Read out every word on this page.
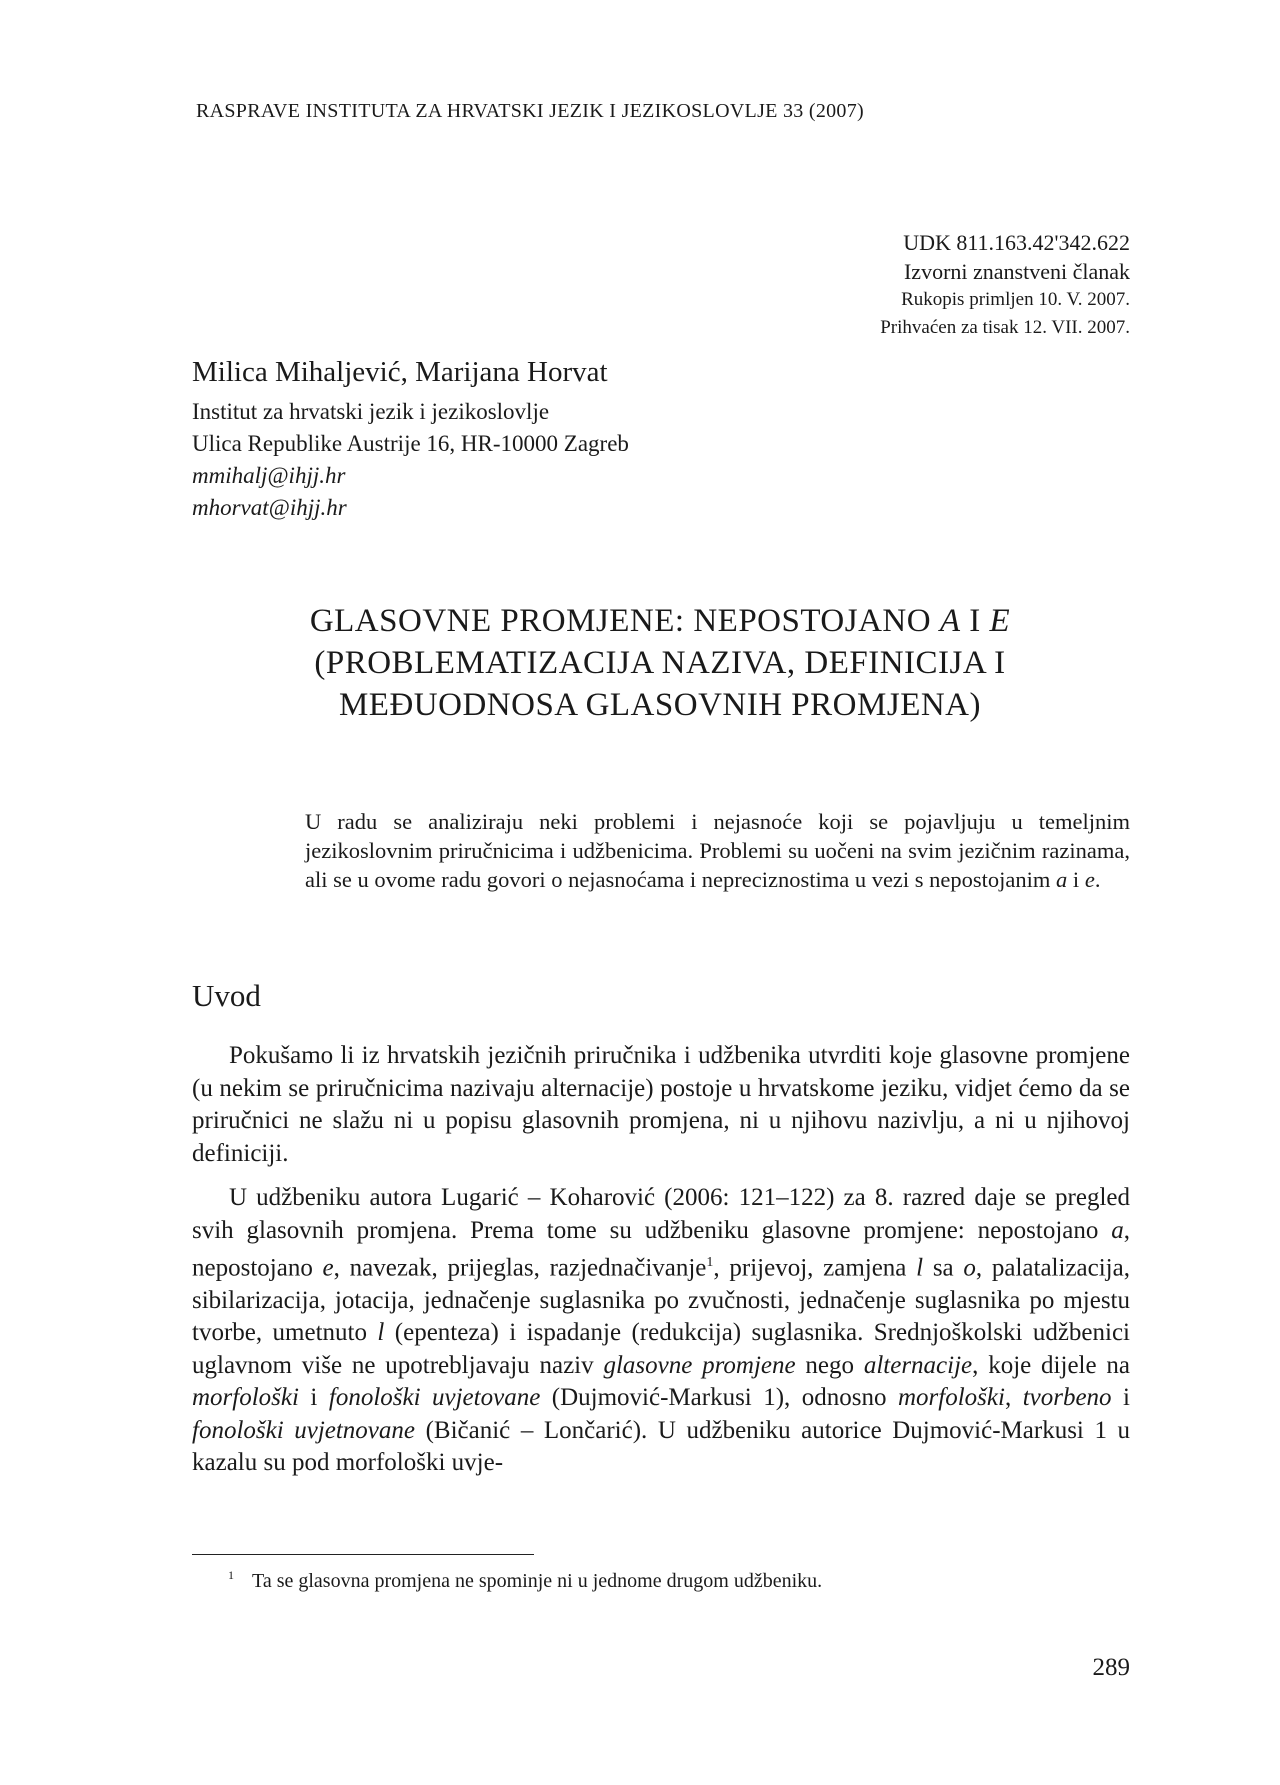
RASPRAVE INSTITUTA ZA HRVATSKI JEZIK I JEZIKOSLOVLJE 33 (2007)
UDK 811.163.42'342.622
Izvorni znanstveni članak
Rukopis primljen 10. V. 2007.
Prihvaćen za tisak 12. VII. 2007.
Milica Mihaljević, Marijana Horvat
Institut za hrvatski jezik i jezikoslovlje
Ulica Republike Austrije 16, HR-10000 Zagreb
mmihalj@ihjj.hr
mhorvat@ihjj.hr
GLASOVNE PROMJENE: NEPOSTOJANO A I E
(PROBLEMATIZACIJA NAZIVA, DEFINICIJA I
MEĐUODNOSA GLASOVNIH PROMJENA)
U radu se analiziraju neki problemi i nejasnoće koji se pojavljuju u temeljnim jezikoslovnim priručnicima i udžbenicima. Problemi su uočeni na svim jezičnim razinama, ali se u ovome radu govori o nejasnoćama i nepreciznostima u vezi s nepostojanim a i e.
Uvod

Pokušamo li iz hrvatskih jezičnih priručnika i udžbenika utvrditi koje glasovne promjene (u nekim se priručnicima nazivaju alternacije) postoje u hrvatskome jeziku, vidjet ćemo da se priručnici ne slažu ni u popisu glasovnih promjena, ni u njihovu nazivlju, a ni u njihovoj definiciji.

U udžbeniku autora Lugarić – Koharović (2006: 121–122) za 8. razred daje se pregled svih glasovnih promjena. Prema tome su udžbeniku glasovne promjene: nepostojano a, nepostojano e, navezak, prijeglas, razjednačivanje$^1$, prijevoj, zamjena l sa o, palatalizacija, sibilarizacija, jotacija, jednačenje suglasnika po zvučnosti, jednačenje suglasnika po mjestu tvorbe, umetnuto l (epenteza) i ispadanje (redukcija) suglasnika. Srednjoškolski udžbenici uglavnom više ne upotrebljavaju naziv glasovne promjene nego alternacije, koje dijele na morfološki i fonološki uvjetovane (Dujmović-Markusi 1), odnosno morfološki, tvorbeno i fonološki uvjetnovane (Bičanić – Lončarić). U udžbeniku autorice Dujmović-Markusi 1 u kazalu su pod morfološki uvje-

$^1$ Ta se glasovna promjena ne spominje ni u jednome drugom udžbeniku.
289
